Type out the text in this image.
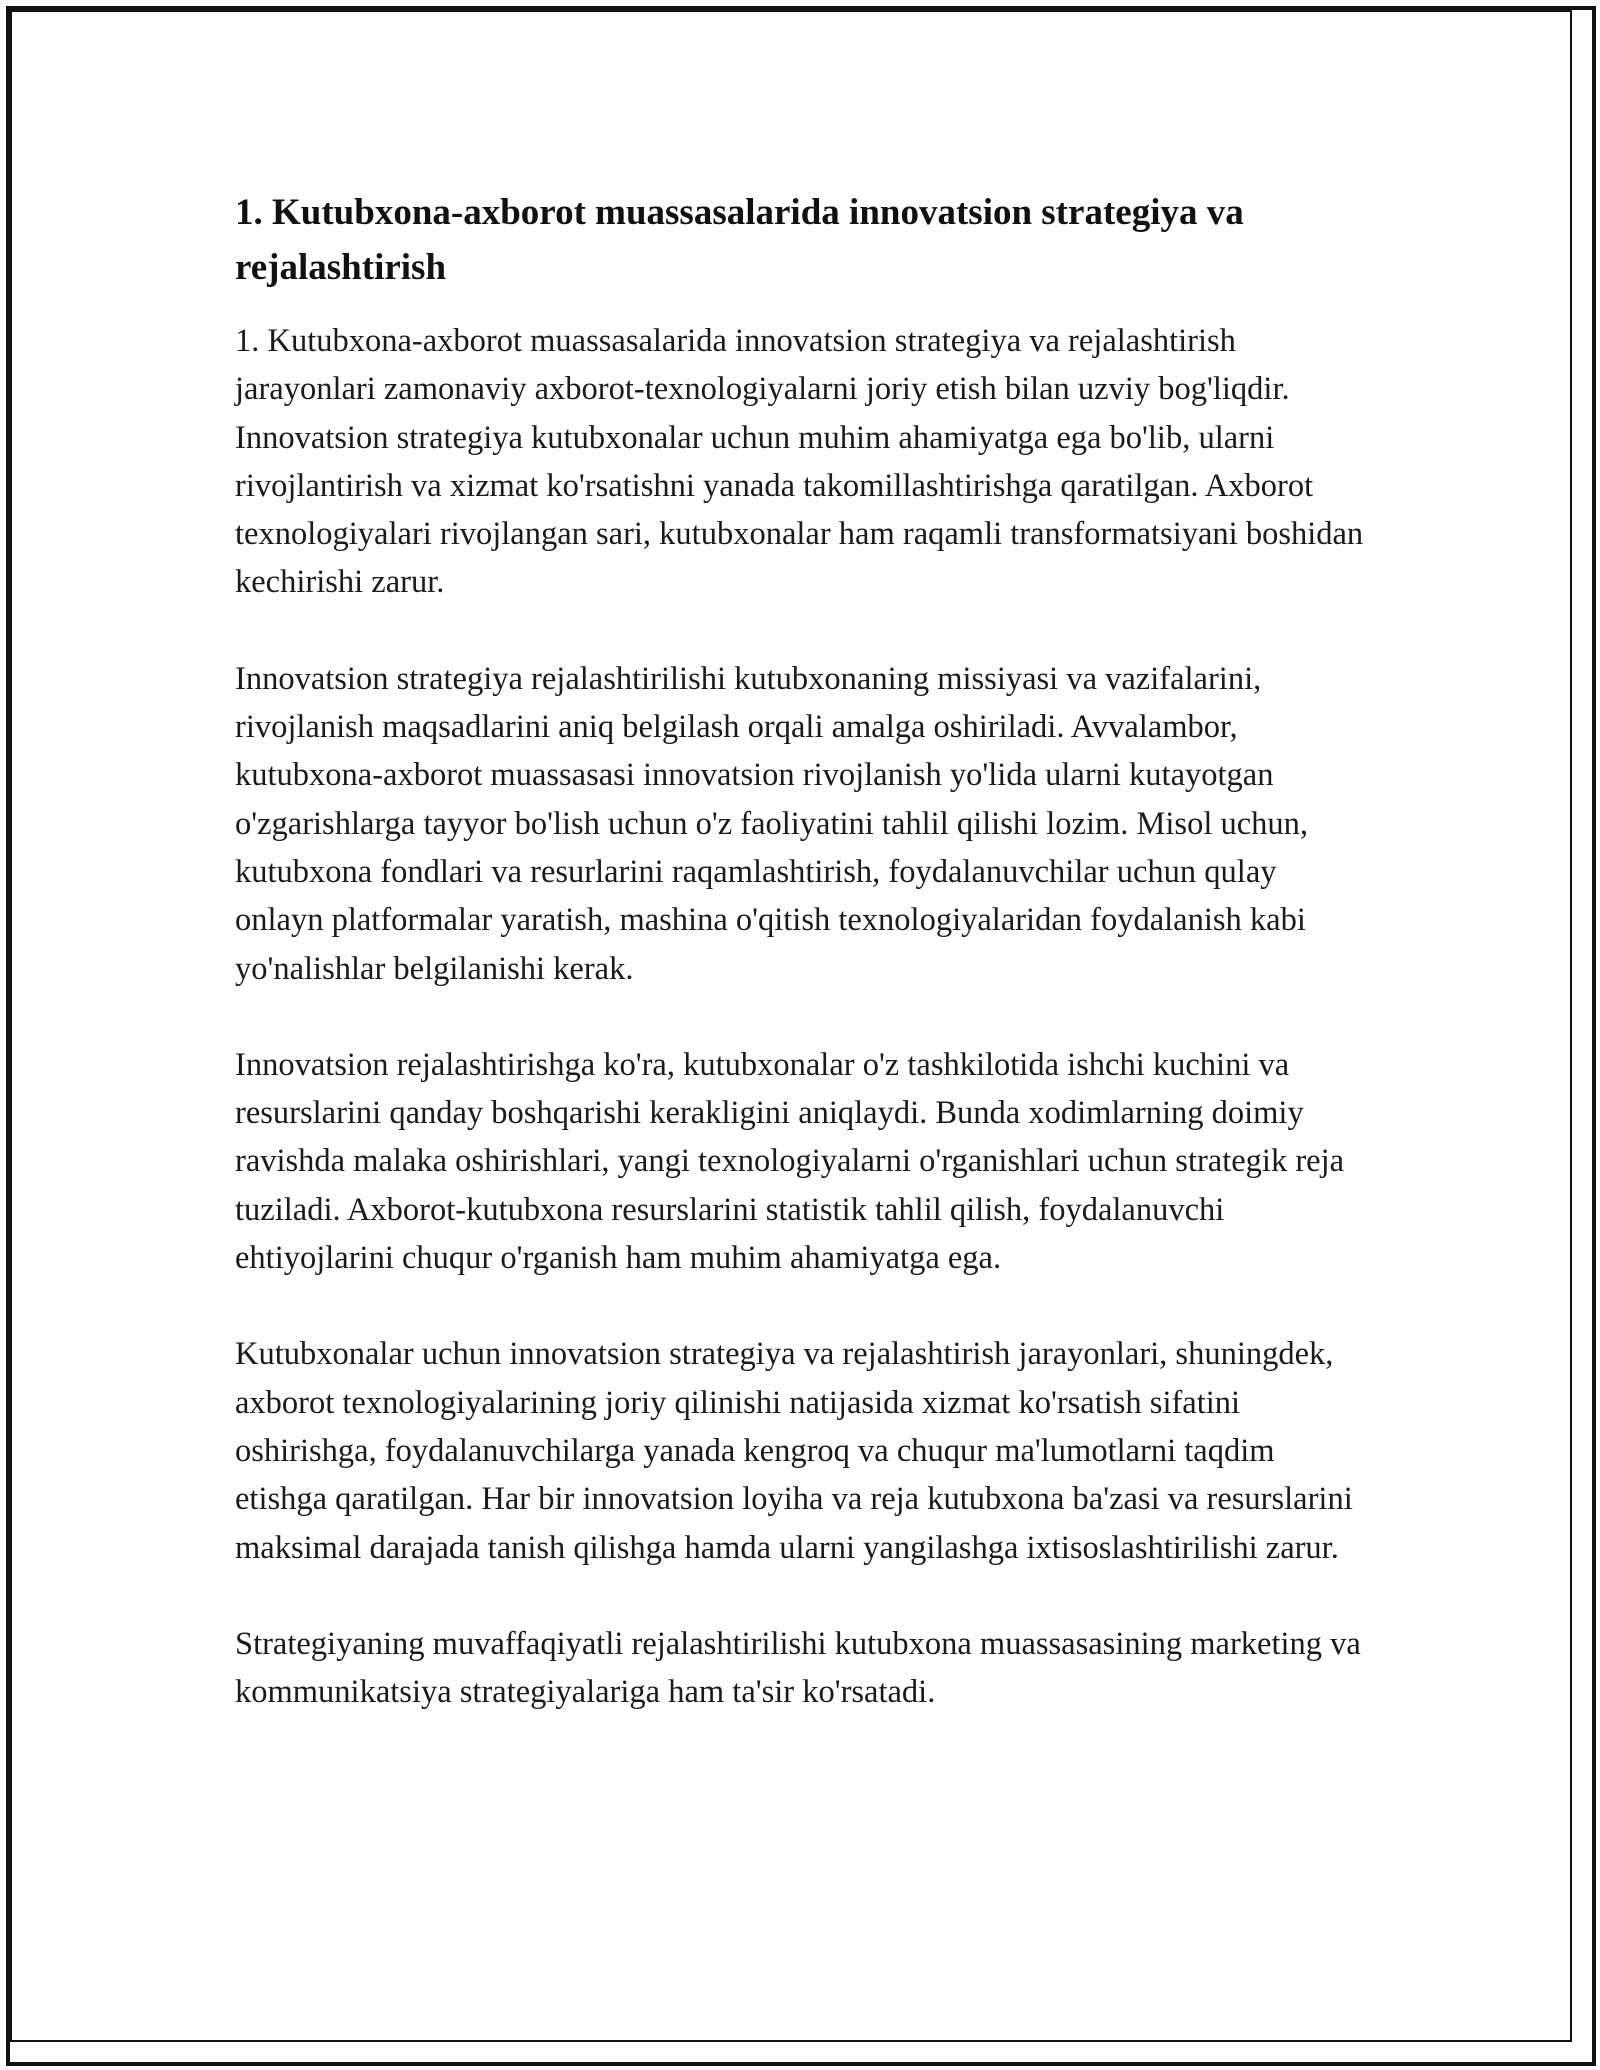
1. Kutubxona-axborot muassasalarida innovatsion strategiya va rejalashtirish

1. Kutubxona-axborot muassasalarida innovatsion strategiya va rejalashtirish jarayonlari zamonaviy axborot-texnologiyalarni joriy etish bilan uzviy bog'liqdir. Innovatsion strategiya kutubxonalar uchun muhim ahamiyatga ega bo'lib, ularni rivojlantirish va xizmat ko'rsatishni yanada takomillashtirishga qaratilgan. Axborot texnologiyalari rivojlangan sari, kutubxonalar ham raqamli transformatsiyani boshidan kechirishi zarur.

Innovatsion strategiya rejalashtirilishi kutubxonaning missiyasi va vazifalarini, rivojlanish maqsadlarini aniq belgilash orqali amalga oshiriladi. Avvalambor, kutubxona-axborot muassasasi innovatsion rivojlanish yo'lida ularni kutayotgan o'zgarishlarga tayyor bo'lish uchun o'z faoliyatini tahlil qilishi lozim. Misol uchun, kutubxona fondlari va resurlarini raqamlashtirish, foydalanuvchilar uchun qulay onlayn platformalar yaratish, mashina o'qitish texnologiyalaridan foydalanish kabi yo'nalishlar belgilanishi kerak.

Innovatsion rejalashtirishga ko'ra, kutubxonalar o'z tashkilotida ishchi kuchini va resurslarini qanday boshqarishi kerakligini aniqlaydi. Bunda xodimlarning doimiy ravishda malaka oshirishlari, yangi texnologiyalarni o'rganishlari uchun strategik reja tuziladi. Axborot-kutubxona resurslarini statistik tahlil qilish, foydalanuvchi ehtiyojlarini chuqur o'rganish ham muhim ahamiyatga ega.

Kutubxonalar uchun innovatsion strategiya va rejalashtirish jarayonlari, shuningdek, axborot texnologiyalarining joriy qilinishi natijasida xizmat ko'rsatish sifatini oshirishga, foydalanuvchilarga yanada kengroq va chuqur ma'lumotlarni taqdim etishga qaratilgan. Har bir innovatsion loyiha va reja kutubxona ba'zasi va resurslarini maksimal darajada tanish qilishga hamda ularni yangilashga ixtisoslashtirilishi zarur.

Strategiyaning muvaffaqiyatli rejalashtirilishi kutubxona muassasasining marketing va kommunikatsiya strategiyalariga ham ta'sir ko'rsatadi.
